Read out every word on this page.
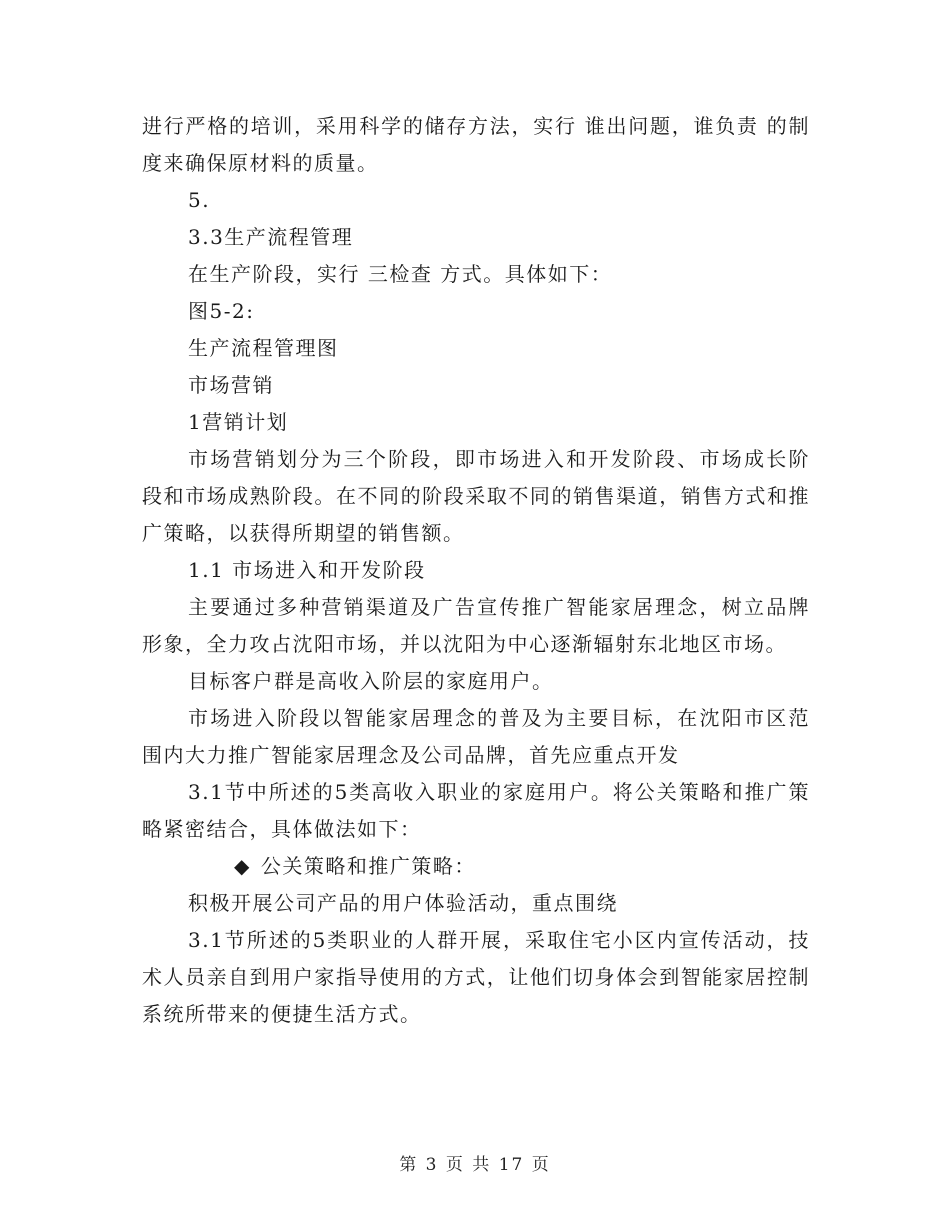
进行严格的培训，采用科学的储存方法，实行 谁出问题，谁负责 的制度来确保原材料的质量。

5.

3.3生产流程管理

在生产阶段，实行 三检查 方式。具体如下：

图5-2:

生产流程管理图

市场营销

1营销计划

市场营销划分为三个阶段，即市场进入和开发阶段、市场成长阶段和市场成熟阶段。在不同的阶段采取不同的销售渠道，销售方式和推广策略，以获得所期望的销售额。

1.1 市场进入和开发阶段

主要通过多种营销渠道及广告宣传推广智能家居理念，树立品牌形象，全力攻占沈阳市场，并以沈阳为中心逐渐辐射东北地区市场。

目标客户群是高收入阶层的家庭用户。

市场进入阶段以智能家居理念的普及为主要目标，在沈阳市区范围内大力推广智能家居理念及公司品牌，首先应重点开发

3.1节中所述的5类高收入职业的家庭用户。将公关策略和推广策略紧密结合，具体做法如下：

◆ 公关策略和推广策略：

积极开展公司产品的用户体验活动，重点围绕

3.1节所述的5类职业的人群开展，采取住宅小区内宣传活动，技术人员亲自到用户家指导使用的方式，让他们切身体会到智能家居控制系统所带来的便捷生活方式。

第 3 页 共 17 页
